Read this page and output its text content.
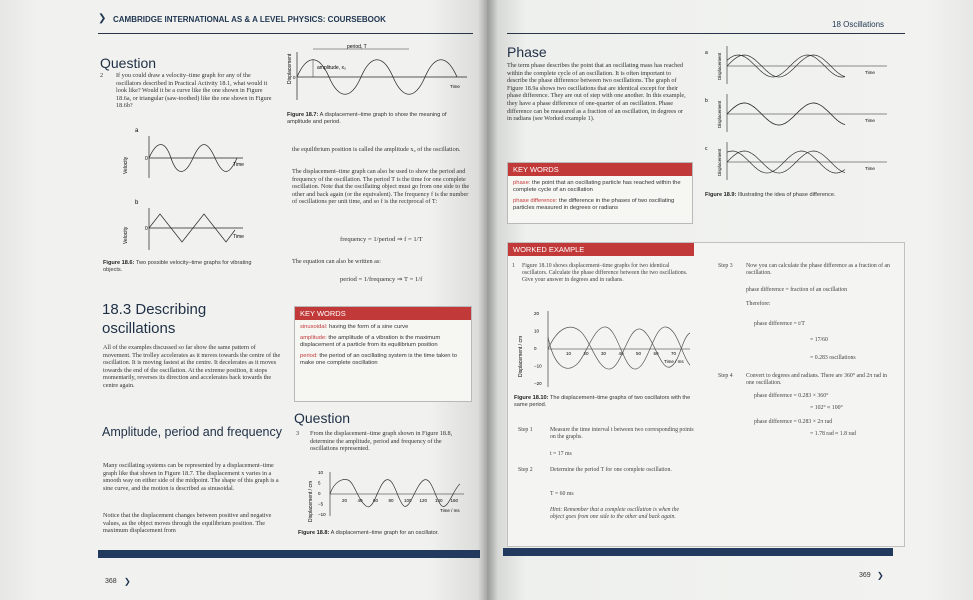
❯ CAMBRIDGE INTERNATIONAL AS & A LEVEL PHYSICS: COURSEBOOK
Question
2 If you could draw a velocity–time graph for any of the oscillators described in Practical Activity 18.1, what would it look like? Would it be a curve like the one shown in Figure 18.6a, or triangular (saw-toothed) like the one shown in Figure 18.6b?
a
Velocity	0
Time
b
Velocity	0
Time
Figure 18.6: Two possible velocity–time graphs for vibrating objects.
Displacement 0
period, T
amplitude, x₀
Time
Figure 18.7: A displacement–time graph to show the meaning of amplitude and period.
the equilibrium position is called the amplitude x₀ of the oscillation.
The displacement–time graph can also be used to show the period and frequency of the oscillation. The period T is the time for one complete oscillation. Note that the oscillating object must go from one side to the other and back again (or the equivalent). The frequency f is the number of oscillations per unit time, and so f is the reciprocal of T:
frequency = 1/period ⇒ f = 1/T
The equation can also be written as:
period = 1/frequency ⇒ T = 1/f
18.3 Describing oscillations
All of the examples discussed so far show the same pattern of movement. The trolley accelerates as it moves towards the centre of the oscillation. It is moving fastest at the centre. It decelerates as it moves towards the end of the oscillation. At the extreme position, it stops momentarily, reverses its direction and accelerates back towards the centre again.
Amplitude, period and frequency
Many oscillating systems can be represented by a displacement–time graph like that shown in Figure 18.7. The displacement x varies in a smooth way on either side of the midpoint. The shape of this graph is a sine curve, and the motion is described as sinusoidal.
Notice that the displacement changes between positive and negative values, as the object moves through the equilibrium position. The maximum displacement from
KEY WORDS
sinusoidal: having the form of a sine curve
amplitude: the amplitude of a vibration is the maximum displacement of a particle from its equilibrium position
period: the period of an oscillating system is the time taken to make one complete oscillation
Question
3 From the displacement–time graph shown in Figure 18.8, determine the amplitude, period and frequency of the oscillations represented.
Displacement / cm
10
5
0
−5
−10
20 40 60 80 100 120 140 160
Time / ms
Figure 18.8: A displacement–time graph for an oscillator.
368 ❯
18 Oscillations
Phase
The term phase describes the point that an oscillating mass has reached within the complete cycle of an oscillation. It is often important to describe the phase difference between two oscillations. The graph of Figure 18.9a shows two oscillations that are identical except for their phase difference. They are out of step with one another. In this example, they have a phase difference of one-quarter of an oscillation. Phase difference can be measured as a fraction of an oscillation, in degrees or in radians (see Worked example 1).
a Displacement	Time
b Displacement	Time
c Displacement	Time
Figure 18.9: Illustrating the idea of phase difference.
KEY WORDS
phase: the point that an oscillating particle has reached within the complete cycle of an oscillation
phase difference: the difference in the phases of two oscillating particles measured in degrees or radians
WORKED EXAMPLE
1 Figure 18.10 shows displacement–time graphs for two identical oscillators. Calculate the phase difference between the two oscillations. Give your answer in degrees and in radians.
Displacement / cm
20
10
0
−10
−20
10	20	30	40	50	60	70
Time / ms
Figure 18.10: The displacement–time graphs of two oscillators with the same period.
Step 1	Measure the time interval t between two corresponding points on the graphs.
t = 17 ms
Step 2	Determine the period T for one complete oscillation.
T = 60 ms
Hint: Remember that a complete oscillation is when the object goes from one side to the other and back again.
Step 3 Now you can calculate the phase difference as a fraction of an oscillation.
phase difference = fraction of an oscillation
Therefore:
phase difference = t/T
= 17/60
= 0.283 oscillations
Step 4 Convert to degrees and radians. There are 360° and 2π rad in one oscillation.
phase difference = 0.283 × 360°
= 102° ≈ 100°
phase difference = 0.283 × 2π rad
= 1.78 rad ≈ 1.8 rad
369 ❯
